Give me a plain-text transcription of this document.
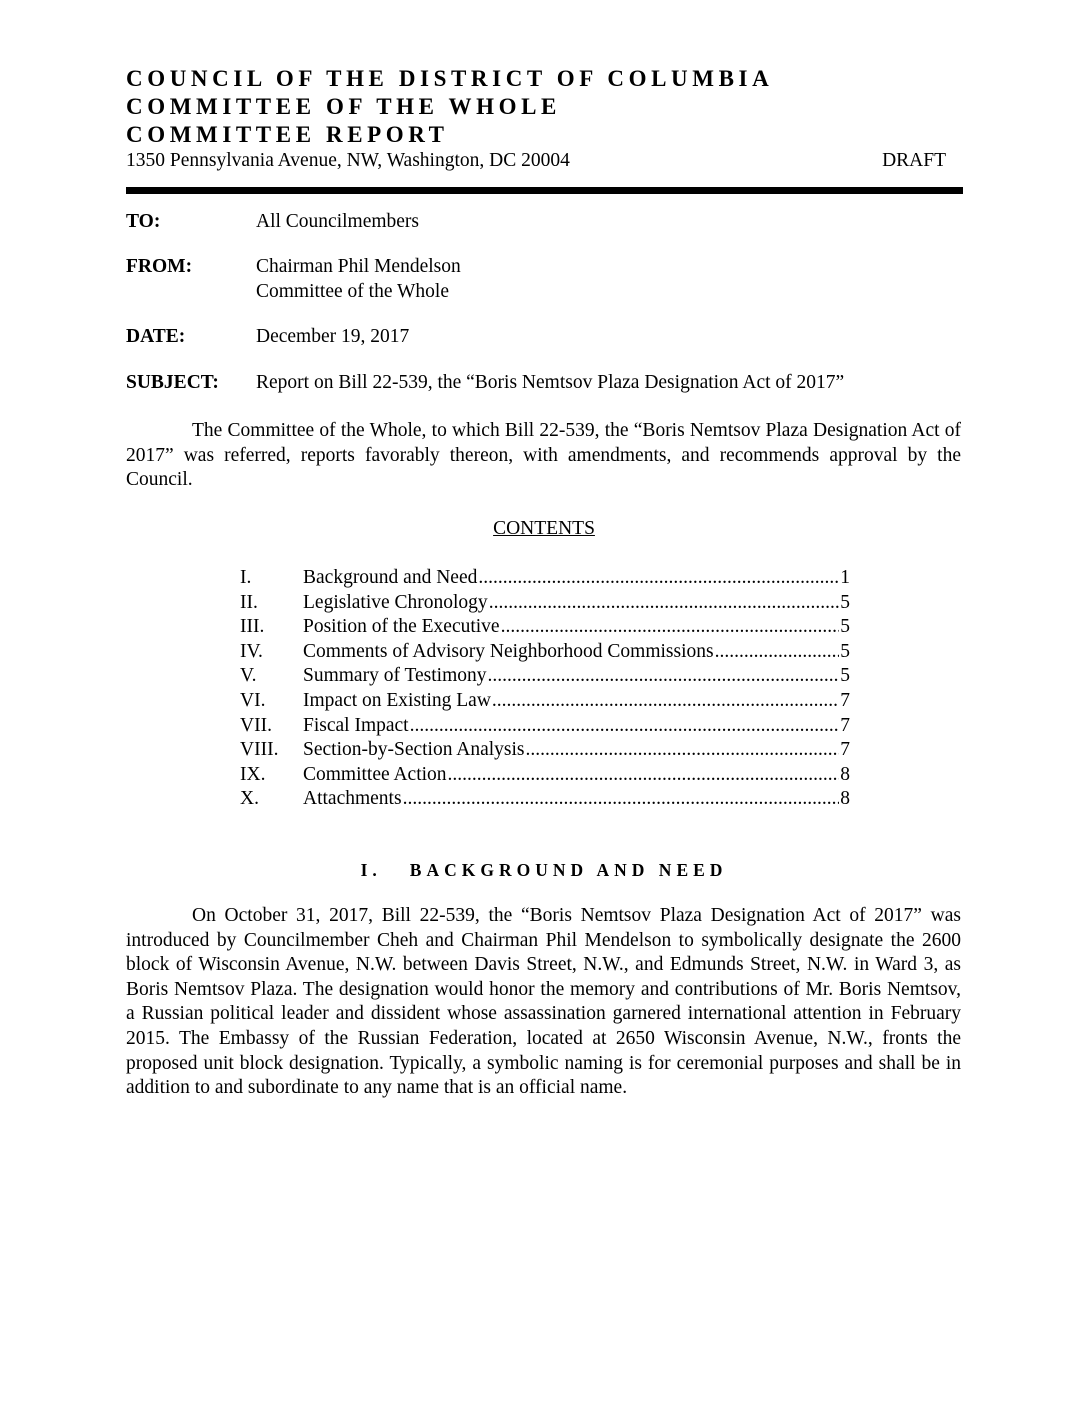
COUNCIL OF THE DISTRICT OF COLUMBIA
COMMITTEE OF THE WHOLE
COMMITTEE REPORT
1350 Pennsylvania Avenue, NW, Washington, DC 20004	DRAFT
TO:	All Councilmembers
FROM:	Chairman Phil Mendelson
Committee of the Whole
DATE:	December 19, 2017
SUBJECT: Report on Bill 22-539, the “Boris Nemtsov Plaza Designation Act of 2017”
The Committee of the Whole, to which Bill 22-539, the “Boris Nemtsov Plaza Designation Act of 2017” was referred, reports favorably thereon, with amendments, and recommends approval by the Council.
CONTENTS
I.	Background and Need .....	1
II.	Legislative Chronology .....	5
III.	Position of the Executive .....	5
IV.	Comments of Advisory Neighborhood Commissions .....	5
V.	Summary of Testimony .....	5
VI.	Impact on Existing Law .....	7
VII.	Fiscal Impact .....	7
VIII.	Section-by-Section Analysis .....	7
IX.	Committee Action .....	8
X.	Attachments .....	8
I. BACKGROUND AND NEED
On October 31, 2017, Bill 22-539, the “Boris Nemtsov Plaza Designation Act of 2017” was introduced by Councilmember Cheh and Chairman Phil Mendelson to symbolically designate the 2600 block of Wisconsin Avenue, N.W. between Davis Street, N.W., and Edmunds Street, N.W. in Ward 3, as Boris Nemtsov Plaza. The designation would honor the memory and contributions of Mr. Boris Nemtsov, a Russian political leader and dissident whose assassination garnered international attention in February 2015. The Embassy of the Russian Federation, located at 2650 Wisconsin Avenue, N.W., fronts the proposed unit block designation. Typically, a symbolic naming is for ceremonial purposes and shall be in addition to and subordinate to any name that is an official name.
